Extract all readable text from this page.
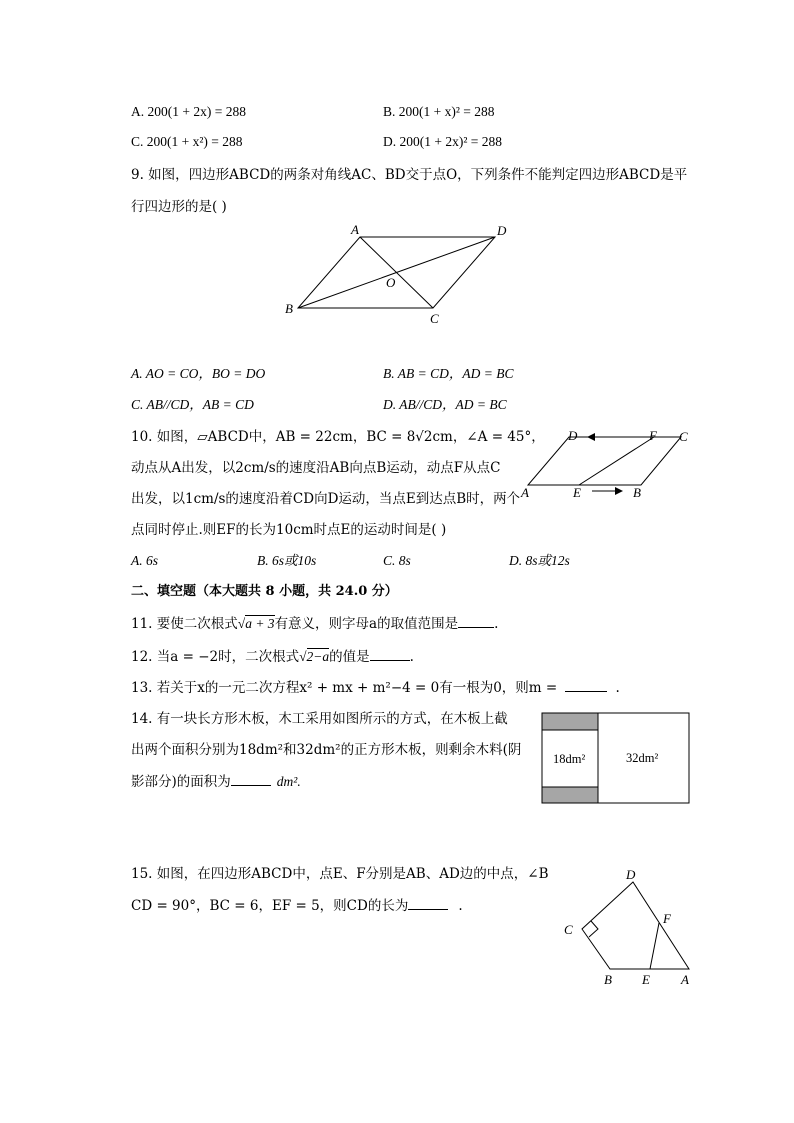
A. 200(1 + 2x) = 288	B. 200(1 + x)² = 288
C. 200(1 + x²) = 288	D. 200(1 + 2x)² = 288
9. 如图，四边形ABCD的两条对角线AC、BD交于点O，下列条件不能判定四边形ABCD是平
行四边形的是( )
A	D
O
B
C
A. AO = CO，BO = DO	B. AB = CD，AD = BC
C. AB//CD，AB = CD	D. AB//CD，AD = BC
10. 如图，▱ABCD中，AB = 22cm，BC = 8√2cm，∠A = 45°，
动点从A出发，以2cm/s的速度沿AB向点B运动，动点F从点C
出发，以1cm/s的速度沿着CD向D运动，当点E到达点B时，两个
点同时停止.则EF的长为10cm时点E的运动时间是( )
D	F C
A	E	B
A. 6s	B. 6s或10s	C. 8s	D. 8s或12s
二、填空题（本大题共 8 小题，共 24.0 分）
11. 要使二次根式√a + 3有意义，则字母a的取值范围是	.
12. 当a = −2时，二次根式√2−a的值是	.
13. 若关于x的一元二次方程x² + mx + m²−4 = 0有一根为0，则m =	.
14. 有一块长方形木板，木工采用如图所示的方式，在木板上截
出两个面积分别为18dm²和32dm²的正方形木板，则剩余木料(阴
影部分)的面积为	dm².
18dm²	32dm²
15. 如图，在四边形ABCD中，点E、F分别是AB、AD边的中点，∠B
CD = 90°，BC = 6，EF = 5，则CD的长为	.
D
F
C
B E A
